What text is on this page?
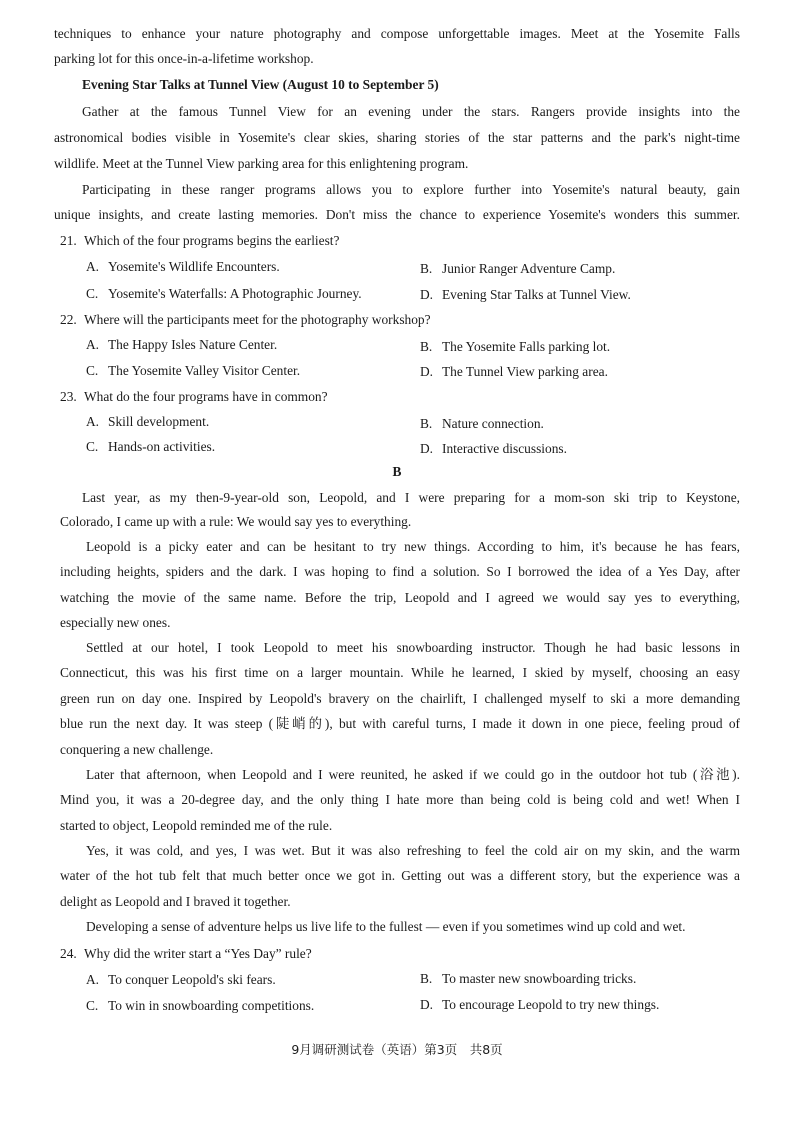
techniques to enhance your nature photography and compose unforgettable images. Meet at the Yosemite Falls
parking lot for this once-in-a-lifetime workshop.
Evening Star Talks at Tunnel View (August 10 to September 5)
Gather at the famous Tunnel View for an evening under the stars. Rangers provide insights into the
astronomical bodies visible in Yosemite's clear skies, sharing stories of the star patterns and the park's night-time
wildlife. Meet at the Tunnel View parking area for this enlightening program.
Participating in these ranger programs allows you to explore further into Yosemite's natural beauty, gain
unique insights, and create lasting memories. Don't miss the chance to experience Yosemite's wonders this summer.
21. Which of the four programs begins the earliest?
A. Yosemite's Wildlife Encounters.	B. Junior Ranger Adventure Camp.
C. Yosemite's Waterfalls: A Photographic Journey.	D. Evening Star Talks at Tunnel View.
22. Where will the participants meet for the photography workshop?
A. The Happy Isles Nature Center.	B. The Yosemite Falls parking lot.
C. The Yosemite Valley Visitor Center.	D. The Tunnel View parking area.
23. What do the four programs have in common?
A. Skill development.	B. Nature connection.
C. Hands-on activities.	D. Interactive discussions.
B
Last year, as my then-9-year-old son, Leopold, and I were preparing for a mom-son ski trip to Keystone,
Colorado, I came up with a rule: We would say yes to everything.
Leopold is a picky eater and can be hesitant to try new things. According to him, it's because he has fears,
including heights, spiders and the dark. I was hoping to find a solution. So I borrowed the idea of a Yes Day, after
watching the movie of the same name. Before the trip, Leopold and I agreed we would say yes to everything,
especially new ones.
Settled at our hotel, I took Leopold to meet his snowboarding instructor. Though he had basic lessons in
Connecticut, this was his first time on a larger mountain. While he learned, I skied by myself, choosing an easy
green run on day one. Inspired by Leopold's bravery on the chairlift, I challenged myself to ski a more demanding
blue run the next day. It was steep (陡峭的), but with careful turns, I made it down in one piece, feeling proud of
conquering a new challenge.
Later that afternoon, when Leopold and I were reunited, he asked if we could go in the outdoor hot tub (浴池).
Mind you, it was a 20-degree day, and the only thing I hate more than being cold is being cold and wet! When I
started to object, Leopold reminded me of the rule.
Yes, it was cold, and yes, I was wet. But it was also refreshing to feel the cold air on my skin, and the warm
water of the hot tub felt that much better once we got in. Getting out was a different story, but the experience was a
delight as Leopold and I braved it together.
Developing a sense of adventure helps us live life to the fullest — even if you sometimes wind up cold and wet.
24. Why did the writer start a “Yes Day” rule?
A. To conquer Leopold's ski fears.	B. To master new snowboarding tricks.
C. To win in snowboarding competitions.	D. To encourage Leopold to try new things.
9月调研测试卷（英语）第3页　共8页
